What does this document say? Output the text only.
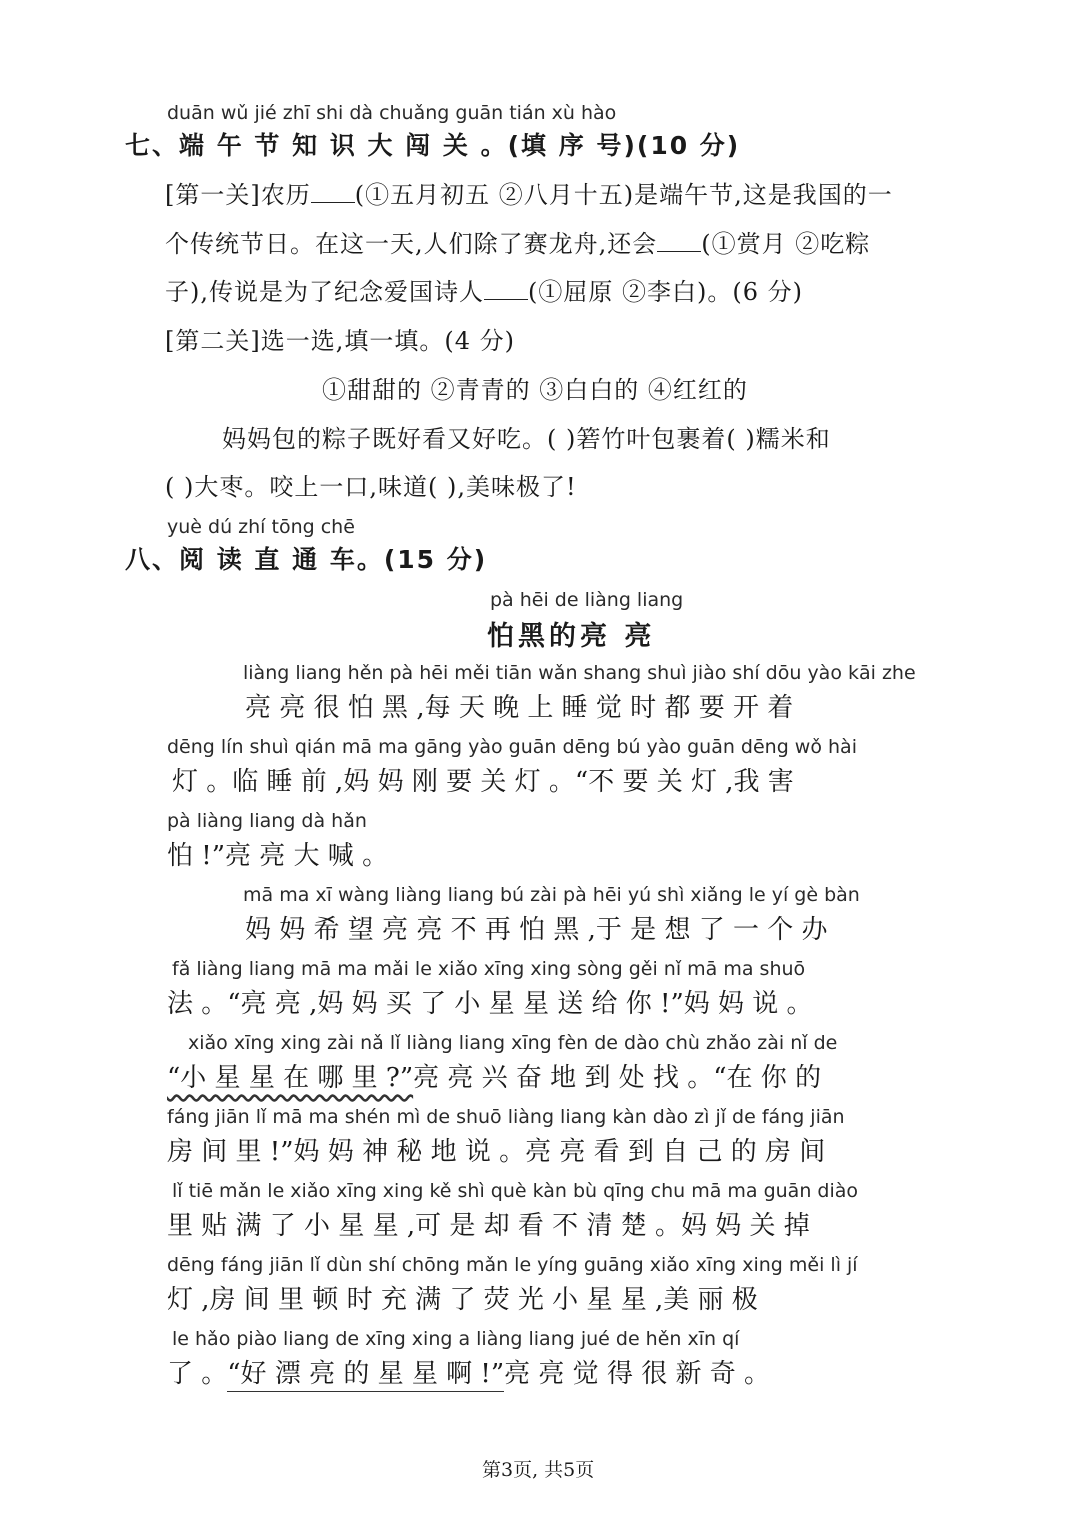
duān wǔ jié zhī shi dà chuǎng guān tián xù hào
七、端 午 节 知 识 大 闯 关 。(填 序 号)(10 分)
[第一关]农历 (①五月初五 ②八月十五)是端午节,这是我国的一
个传统节日。在这一天,人们除了赛龙舟,还会 (①赏月 ②吃粽
子),传说是为了纪念爱国诗人 (①屈原 ②李白)。(6 分)
[第二关]选一选,填一填。(4 分)
①甜甜的 ②青青的 ③白白的 ④红红的
妈妈包的粽子既好看又好吃。( )箬竹叶包裹着( )糯米和
( )大枣。咬上一口,味道( ),美味极了!
yuè dú zhí tōng chē
八、阅 读 直 通 车。(15 分)
pà hēi de liàng liang
怕黑的亮 亮
liàng liang hěn pà hēi měi tiān wǎn shang shuì jiào shí dōu yào kāi zhe
亮 亮 很 怕 黑 ,每 天 晚 上 睡 觉 时 都 要 开 着
dēng lín shuì qián mā ma gāng yào guān dēng bú yào guān dēng wǒ hài
灯 。临 睡 前 ,妈 妈 刚 要 关 灯 。“不 要 关 灯 ,我 害
pà liàng liang dà hǎn
怕 !”亮 亮 大 喊 。
mā ma xī wàng liàng liang bú zài pà hēi yú shì xiǎng le yí gè bàn
妈 妈 希 望 亮 亮 不 再 怕 黑 ,于 是 想 了 一 个 办
fǎ liàng liang mā ma mǎi le xiǎo xīng xing sòng gěi nǐ mā ma shuō
法 。“亮 亮 ,妈 妈 买 了 小 星 星 送 给 你 !”妈 妈 说 。
xiǎo xīng xing zài nǎ lǐ liàng liang xīng fèn de dào chù zhǎo zài nǐ de
“小 星 星 在 哪 里 ?”亮 亮 兴 奋 地 到 处 找 。“在 你 的
fáng jiān lǐ mā ma shén mì de shuō liàng liang kàn dào zì jǐ de fáng jiān
房 间 里 !”妈 妈 神 秘 地 说 。亮 亮 看 到 自 己 的 房 间
lǐ tiē mǎn le xiǎo xīng xing kě shì què kàn bù qīng chu mā ma guān diào
里 贴 满 了 小 星 星 ,可 是 却 看 不 清 楚 。妈 妈 关 掉
dēng fáng jiān lǐ dùn shí chōng mǎn le yíng guāng xiǎo xīng xing měi lì jí
灯 ,房 间 里 顿 时 充 满 了 荧 光 小 星 星 ,美 丽 极
le hǎo piào liang de xīng xing a liàng liang jué de hěn xīn qí
了 。“好 漂 亮 的 星 星 啊 !”亮 亮 觉 得 很 新 奇 。
第3页, 共5页
